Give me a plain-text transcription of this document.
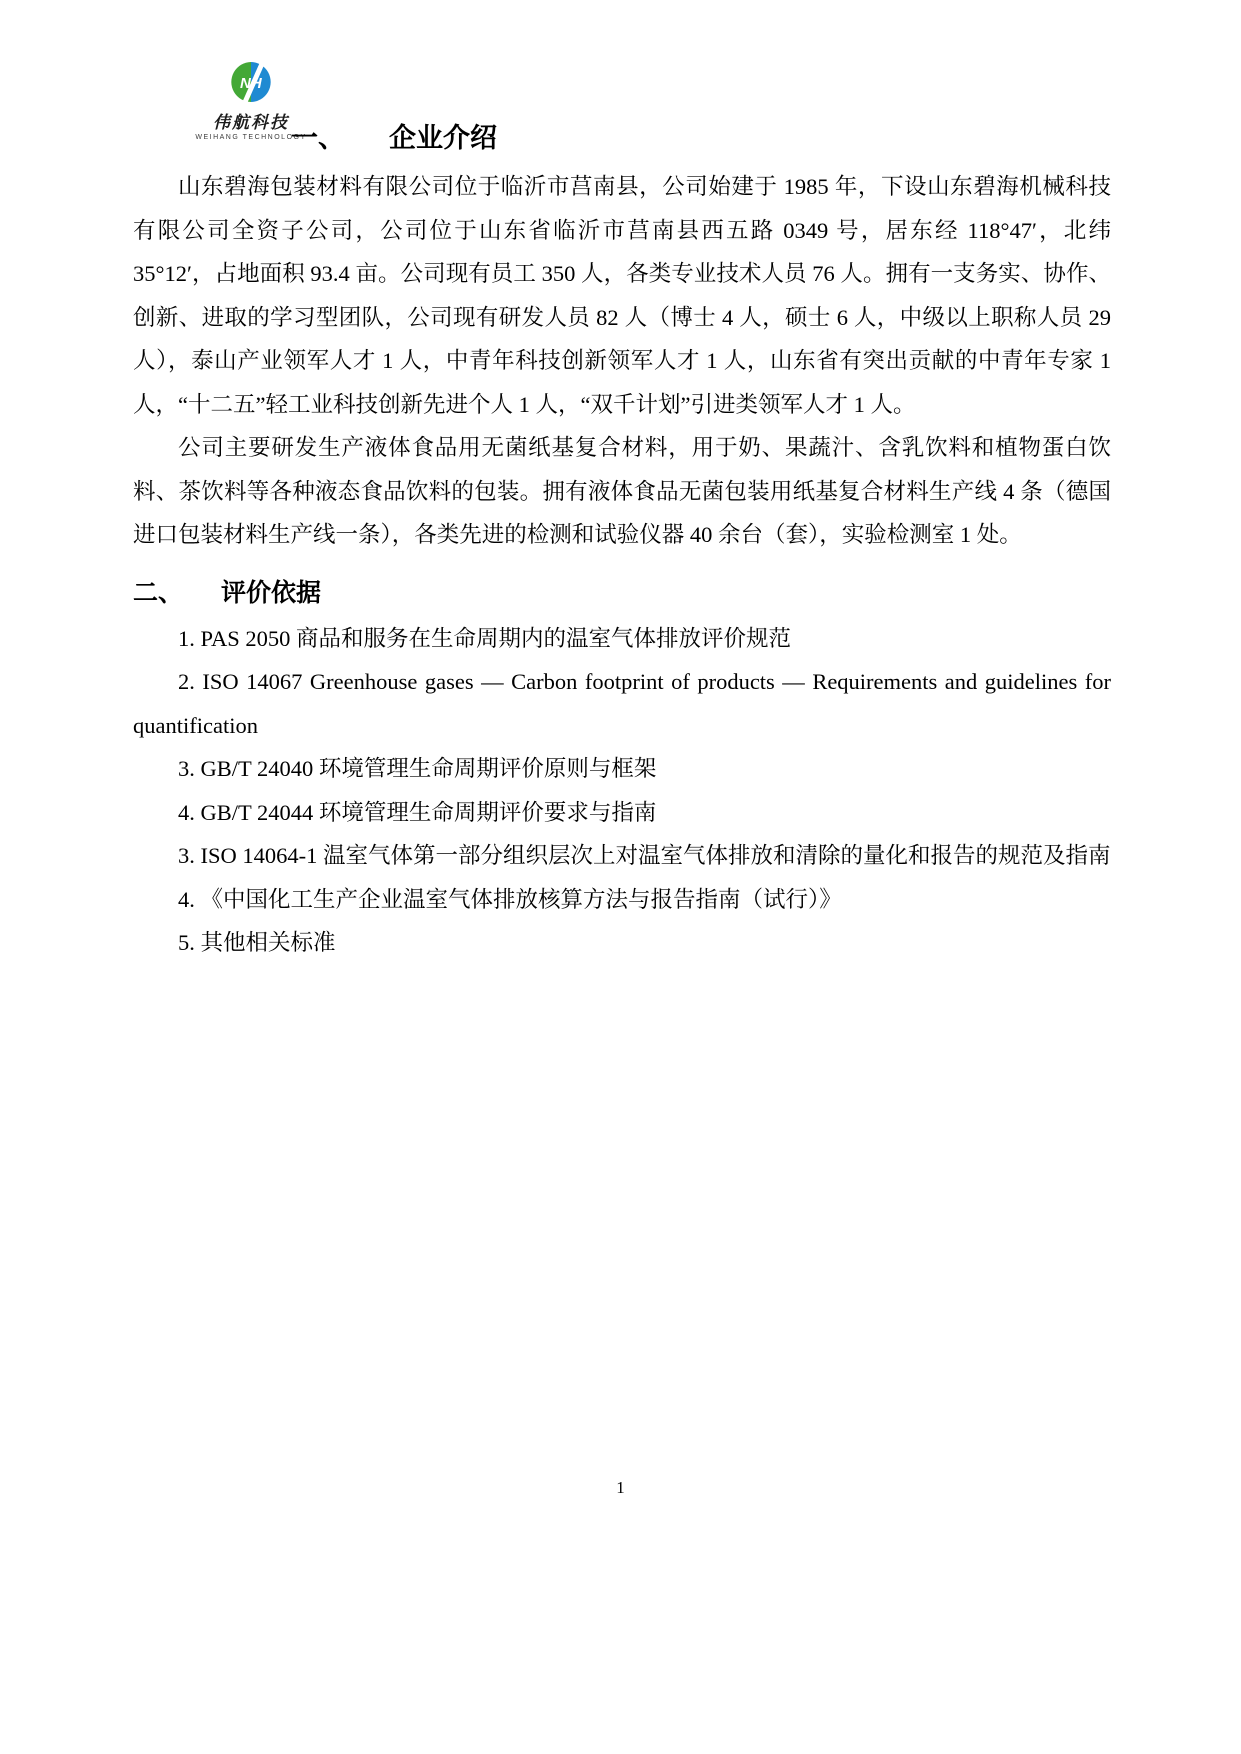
NH
伟航科技
WEIHANG TECHNOLOGY
一、 企业介绍

山东碧海包装材料有限公司位于临沂市莒南县，公司始建于 1985 年，下设山东碧海机械科技有限公司全资子公司，公司位于山东省临沂市莒南县西五路 0349 号，居东经 118°47′，北纬 35°12′，占地面积 93.4 亩。公司现有员工 350 人，各类专业技术人员 76 人。拥有一支务实、协作、创新、进取的学习型团队，公司现有研发人员 82 人（博士 4 人，硕士 6 人，中级以上职称人员 29 人），泰山产业领军人才 1 人，中青年科技创新领军人才 1 人，山东省有突出贡献的中青年专家 1 人，“十二五”轻工业科技创新先进个人 1 人，“双千计划”引进类领军人才 1 人。

公司主要研发生产液体食品用无菌纸基复合材料，用于奶、果蔬汁、含乳饮料和植物蛋白饮料、茶饮料等各种液态食品饮料的包装。拥有液体食品无菌包装用纸基复合材料生产线 4 条（德国进口包装材料生产线一条），各类先进的检测和试验仪器 40 余台（套），实验检测室 1 处。

二、 评价依据

1. PAS 2050 商品和服务在生命周期内的温室气体排放评价规范

2. ISO 14067 Greenhouse gases — Carbon footprint of products — Requirements and guidelines for quantification

3. GB/T 24040 环境管理生命周期评价原则与框架

4. GB/T 24044 环境管理生命周期评价要求与指南

3. ISO 14064-1 温室气体第一部分组织层次上对温室气体排放和清除的量化和报告的规范及指南

4. 《中国化工生产企业温室气体排放核算方法与报告指南（试行）》

5. 其他相关标准

1
